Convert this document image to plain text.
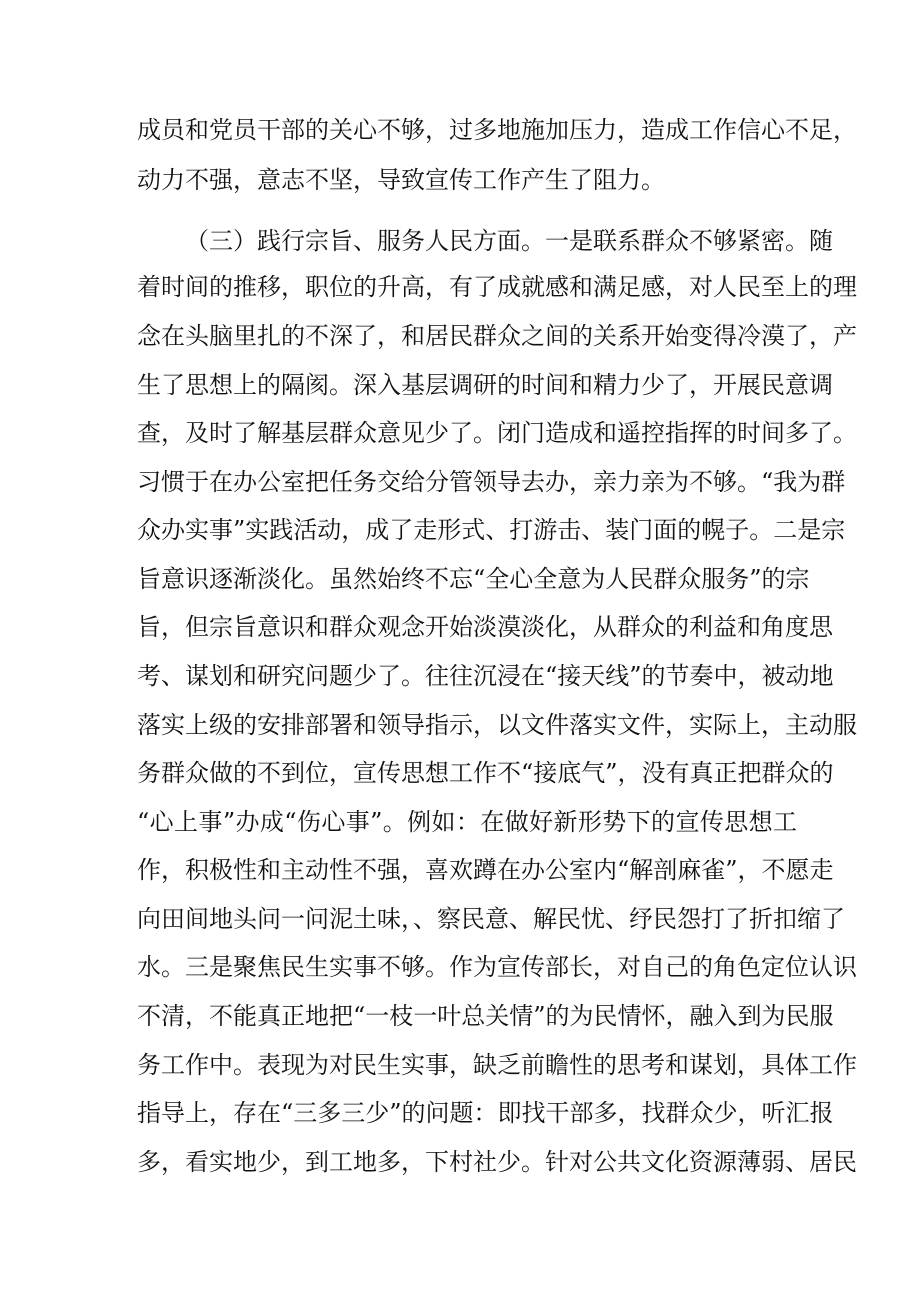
成员和党员干部的关心不够，过多地施加压力，造成工作信心不足，
动力不强，意志不坚，导致宣传工作产生了阻力。
（三）践行宗旨、服务人民方面。一是联系群众不够紧密。随
着时间的推移，职位的升高，有了成就感和满足感，对人民至上的理
念在头脑里扎的不深了，和居民群众之间的关系开始变得冷漠了，产
生了思想上的隔阂。深入基层调研的时间和精力少了，开展民意调
查，及时了解基层群众意见少了。闭门造成和遥控指挥的时间多了。
习惯于在办公室把任务交给分管领导去办，亲力亲为不够。“我为群
众办实事”实践活动，成了走形式、打游击、装门面的幌子。二是宗
旨意识逐渐淡化。虽然始终不忘“全心全意为人民群众服务”的宗
旨，但宗旨意识和群众观念开始淡漠淡化，从群众的利益和角度思
考、谋划和研究问题少了。往往沉浸在“接天线”的节奏中，被动地
落实上级的安排部署和领导指示，以文件落实文件，实际上，主动服
务群众做的不到位，宣传思想工作不“接底气”，没有真正把群众的
“心上事”办成“伤心事”。例如：在做好新形势下的宣传思想工
作，积极性和主动性不强，喜欢蹲在办公室内“解剖麻雀”，不愿走
向田间地头问一问泥土味，、察民意、解民忧、纾民怨打了折扣缩了
水。三是聚焦民生实事不够。作为宣传部长，对自己的角色定位认识
不清，不能真正地把“一枝一叶总关情”的为民情怀，融入到为民服
务工作中。表现为对民生实事，缺乏前瞻性的思考和谋划，具体工作
指导上，存在“三多三少”的问题：即找干部多，找群众少，听汇报
多，看实地少，到工地多，下村社少。针对公共文化资源薄弱、居民
